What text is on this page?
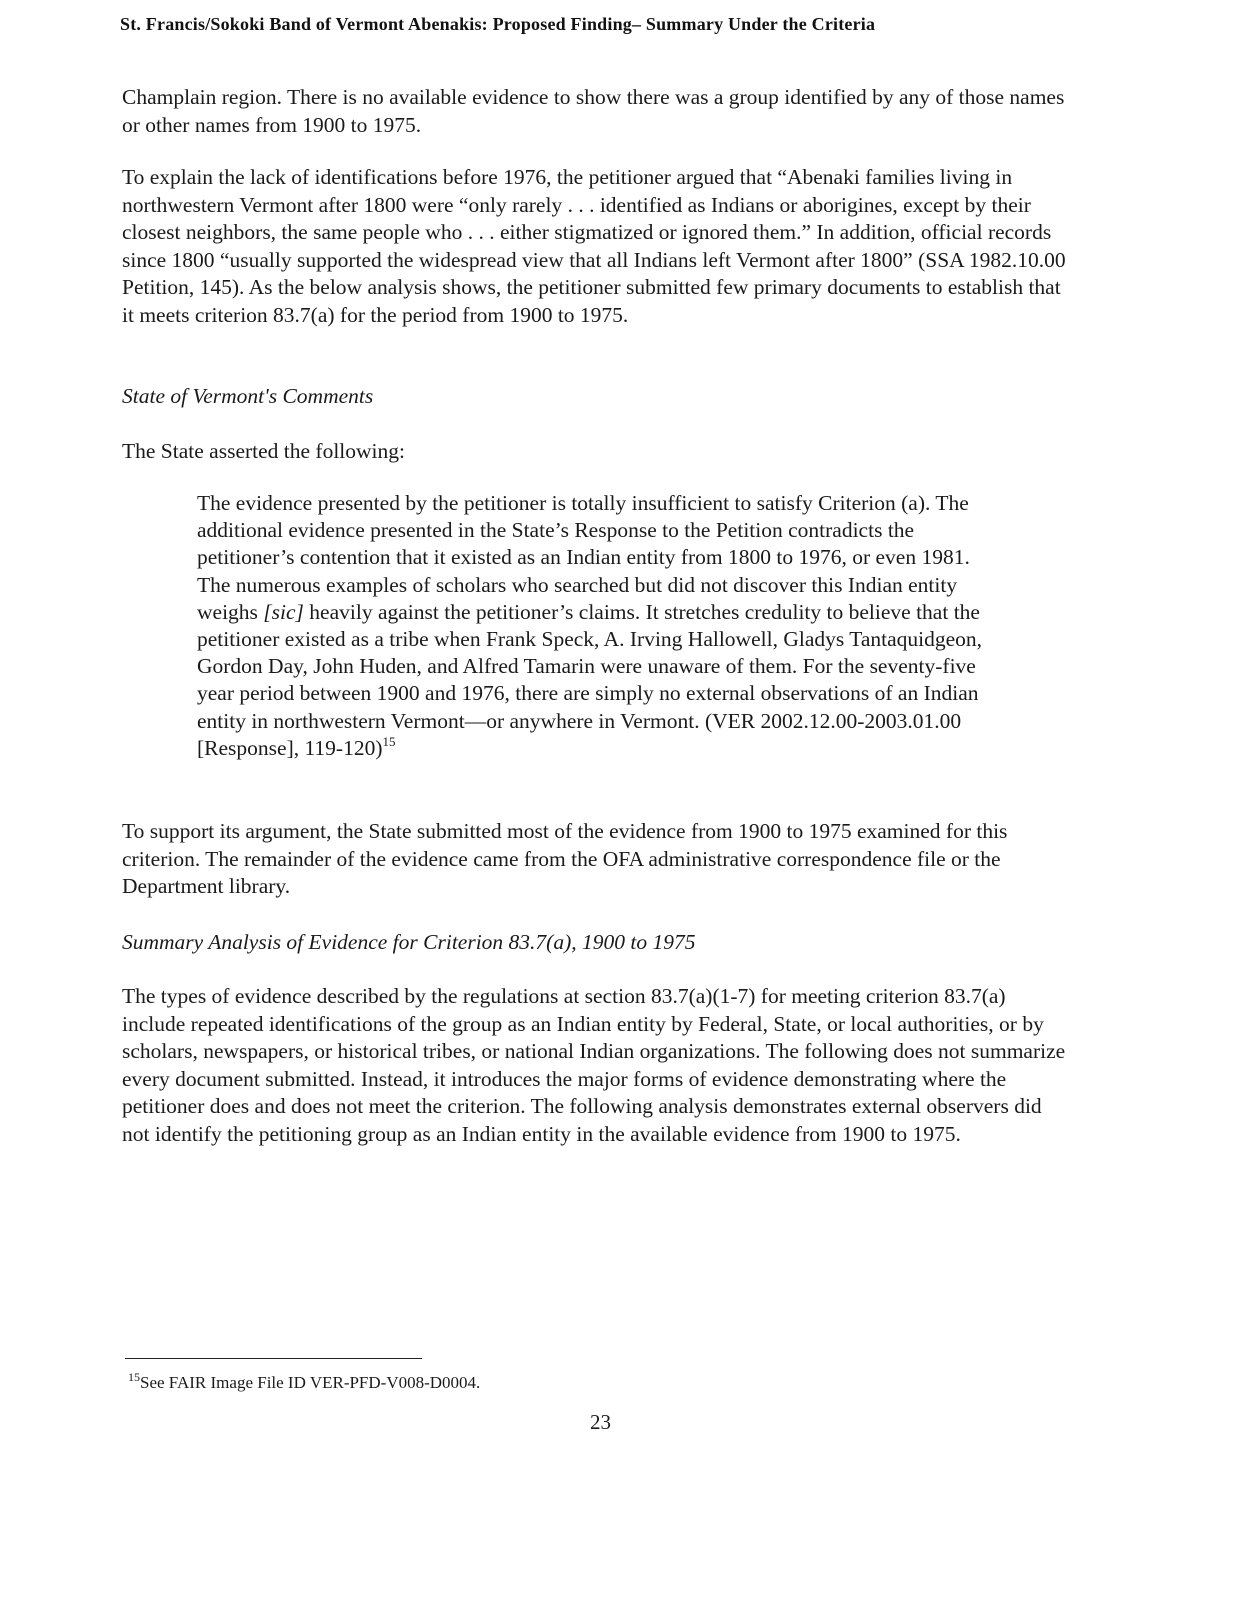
St. Francis/Sokoki Band of Vermont Abenakis: Proposed Finding– Summary Under the Criteria

Champlain region. There is no available evidence to show there was a group identified by any of those names or other names from 1900 to 1975.

To explain the lack of identifications before 1976, the petitioner argued that “Abenaki families living in northwestern Vermont after 1800 were “only rarely . . . identified as Indians or aborigines, except by their closest neighbors, the same people who . . . either stigmatized or ignored them.” In addition, official records since 1800 “usually supported the widespread view that all Indians left Vermont after 1800” (SSA 1982.10.00 Petition, 145). As the below analysis shows, the petitioner submitted few primary documents to establish that it meets criterion 83.7(a) for the period from 1900 to 1975.

State of Vermont's Comments

The State asserted the following:

The evidence presented by the petitioner is totally insufficient to satisfy Criterion (a). The additional evidence presented in the State’s Response to the Petition contradicts the petitioner’s contention that it existed as an Indian entity from 1800 to 1976, or even 1981. The numerous examples of scholars who searched but did not discover this Indian entity weighs [sic] heavily against the petitioner’s claims. It stretches credulity to believe that the petitioner existed as a tribe when Frank Speck, A. Irving Hallowell, Gladys Tantaquidgeon, Gordon Day, John Huden, and Alfred Tamarin were unaware of them. For the seventy-five year period between 1900 and 1976, there are simply no external observations of an Indian entity in northwestern Vermont—or anywhere in Vermont. (VER 2002.12.00-2003.01.00 [Response], 119-120)$^{15}$

To support its argument, the State submitted most of the evidence from 1900 to 1975 examined for this criterion. The remainder of the evidence came from the OFA administrative correspondence file or the Department library.

Summary Analysis of Evidence for Criterion 83.7(a), 1900 to 1975

The types of evidence described by the regulations at section 83.7(a)(1-7) for meeting criterion 83.7(a) include repeated identifications of the group as an Indian entity by Federal, State, or local authorities, or by scholars, newspapers, or historical tribes, or national Indian organizations. The following does not summarize every document submitted. Instead, it introduces the major forms of evidence demonstrating where the petitioner does and does not meet the criterion. The following analysis demonstrates external observers did not identify the petitioning group as an Indian entity in the available evidence from 1900 to 1975.

$^{15}$See FAIR Image File ID VER-PFD-V008-D0004.
23
